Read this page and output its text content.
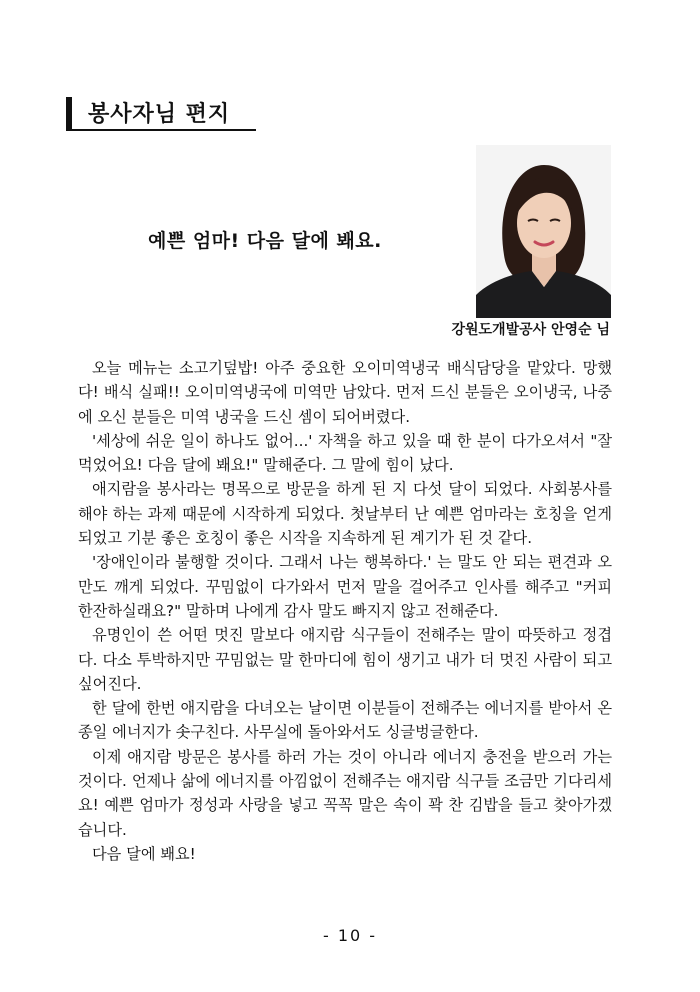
봉사자님 편지
예쁜 엄마! 다음 달에 봬요.
강원도개발공사 안영순 님

오늘 메뉴는 소고기덮밥! 아주 중요한 오이미역냉국 배식담당을 맡았다. 망했다! 배식 실패!! 오이미역냉국에 미역만 남았다. 먼저 드신 분들은 오이냉국, 나중에 오신 분들은 미역 냉국을 드신 셈이 되어버렸다.

'세상에 쉬운 일이 하나도 없어...' 자책을 하고 있을 때 한 분이 다가오셔서 "잘 먹었어요! 다음 달에 봬요!" 말해준다. 그 말에 힘이 났다.

애지람을 봉사라는 명목으로 방문을 하게 된 지 다섯 달이 되었다. 사회봉사를 해야 하는 과제 때문에 시작하게 되었다. 첫날부터 난 예쁜 엄마라는 호칭을 얻게 되었고 기분 좋은 호칭이 좋은 시작을 지속하게 된 계기가 된 것 같다.

'장애인이라 불행할 것이다. 그래서 나는 행복하다.' 는 말도 안 되는 편견과 오만도 깨게 되었다. 꾸밈없이 다가와서 먼저 말을 걸어주고 인사를 해주고 "커피 한잔하실래요?" 말하며 나에게 감사 말도 빠지지 않고 전해준다.

유명인이 쓴 어떤 멋진 말보다 애지람 식구들이 전해주는 말이 따뜻하고 정겹다. 다소 투박하지만 꾸밈없는 말 한마디에 힘이 생기고 내가 더 멋진 사람이 되고 싶어진다.

한 달에 한번 애지람을 다녀오는 날이면 이분들이 전해주는 에너지를 받아서 온종일 에너지가 솟구친다. 사무실에 돌아와서도 싱글벙글한다.

이제 애지람 방문은 봉사를 하러 가는 것이 아니라 에너지 충전을 받으러 가는 것이다. 언제나 삶에 에너지를 아낌없이 전해주는 애지람 식구들 조금만 기다리세요! 예쁜 엄마가 정성과 사랑을 넣고 꼭꼭 말은 속이 꽉 찬 김밥을 들고 찾아가겠습니다.

다음 달에 봬요!

- 10 -
